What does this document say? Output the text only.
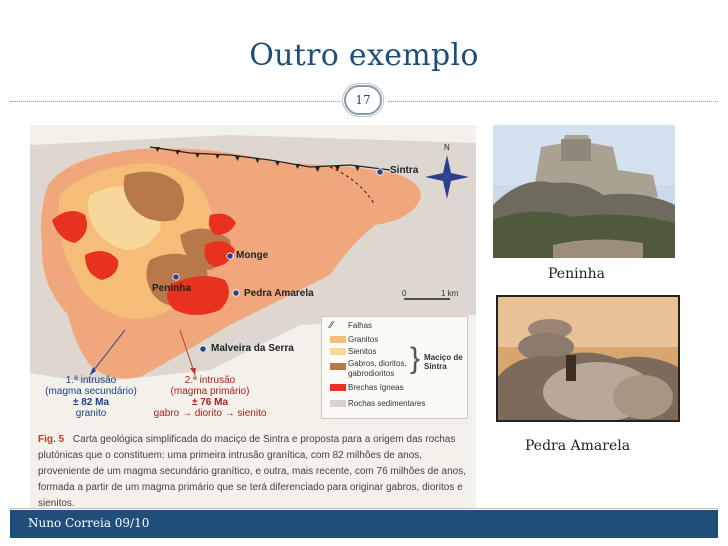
Outro exemplo
17
Sintra
Monge
Peninha	Pedra Amarela
Malveira da Serra
N
0	1 km
⁄⁄ Falhas
Granitos
Sienitos
Gabros, dioritos, gabrodioritos
Brechas ígneas
Rochas sedimentares
} Maciço de Sintra
1.ª intrusão
(magma secundário)
± 82 Ma
granito
2.ª intrusão
(magma primário)
± 76 Ma
gabro → diorito → sienito
Fig. 5 Carta geológica simplificada do maciço de Sintra e proposta para a origem das rochas plutónicas que o constituem: uma primeira intrusão granítica, com 82 milhões de anos, proveniente de um magma secundário granítico, e outra, mais recente, com 76 milhões de anos, formada a partir de um magma primário que se terá diferenciado para originar gabros, dioritos e sienitos.
Peninha
Pedra Amarela
Nuno Correia 09/10
